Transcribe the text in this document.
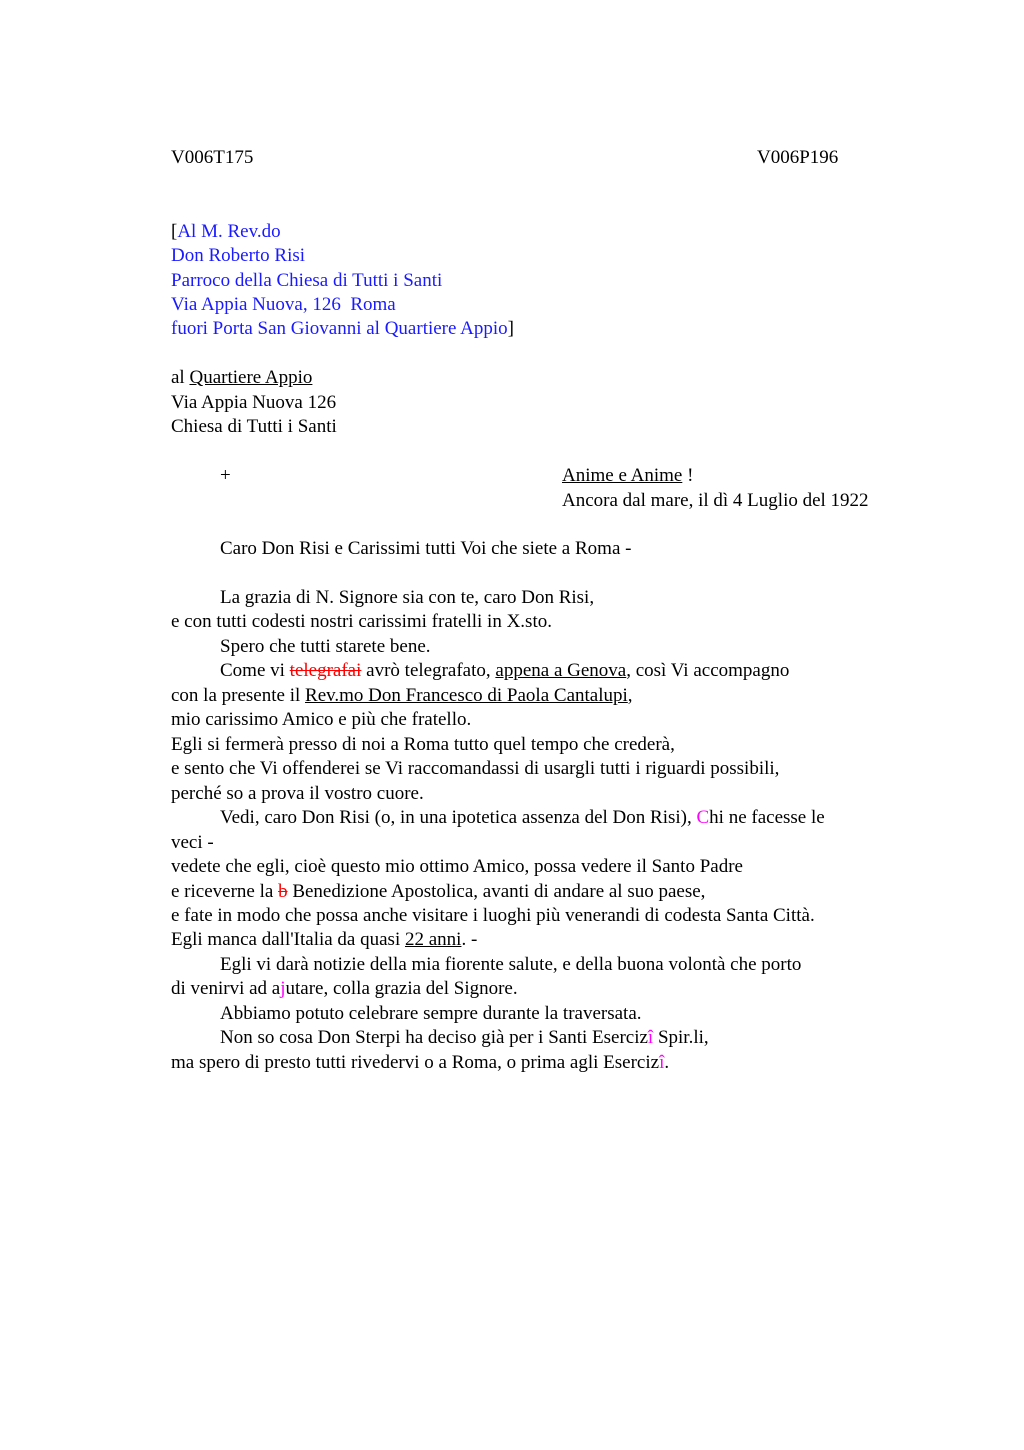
V006T175	V006P196
[Al M. Rev.do
Don Roberto Risi
Parroco della Chiesa di Tutti i Santi
Via Appia Nuova, 126  Roma
fuori Porta San Giovanni al Quartiere Appio]
al Quartiere Appio
Via Appia Nuova 126
Chiesa di Tutti i Santi
+	Anime e Anime !
Ancora dal mare, il dì 4 Luglio del 1922
Caro Don Risi e Carissimi tutti Voi che siete a Roma -
La grazia di N. Signore sia con te, caro Don Risi,
e con tutti codesti nostri carissimi fratelli in X.sto.
Spero che tutti starete bene.
Come vi telegrafai avrò telegrafato, appena a Genova, così Vi accompagno
con la presente il Rev.mo Don Francesco di Paola Cantalupi,
mio carissimo Amico e più che fratello.
Egli si fermerà presso di noi a Roma tutto quel tempo che crederà,
e sento che Vi offenderei se Vi raccomandassi di usargli tutti i riguardi possibili,
perché so a prova il vostro cuore.
Vedi, caro Don Risi (o, in una ipotetica assenza del Don Risi), Chi ne facesse le
veci -
vedete che egli, cioè questo mio ottimo Amico, possa vedere il Santo Padre
e riceverne la b Benedizione Apostolica, avanti di andare al suo paese,
e fate in modo che possa anche visitare i luoghi più venerandi di codesta Santa Città.
Egli manca dall'Italia da quasi 22 anni. -
Egli vi darà notizie della mia fiorente salute, e della buona volontà che porto
di venirvi ad ajutare, colla grazia del Signore.
Abbiamo potuto celebrare sempre durante la traversata.
Non so cosa Don Sterpi ha deciso già per i Santi Esercizî Spir.li,
ma spero di presto tutti rivedervi o a Roma, o prima agli Esercizî.
